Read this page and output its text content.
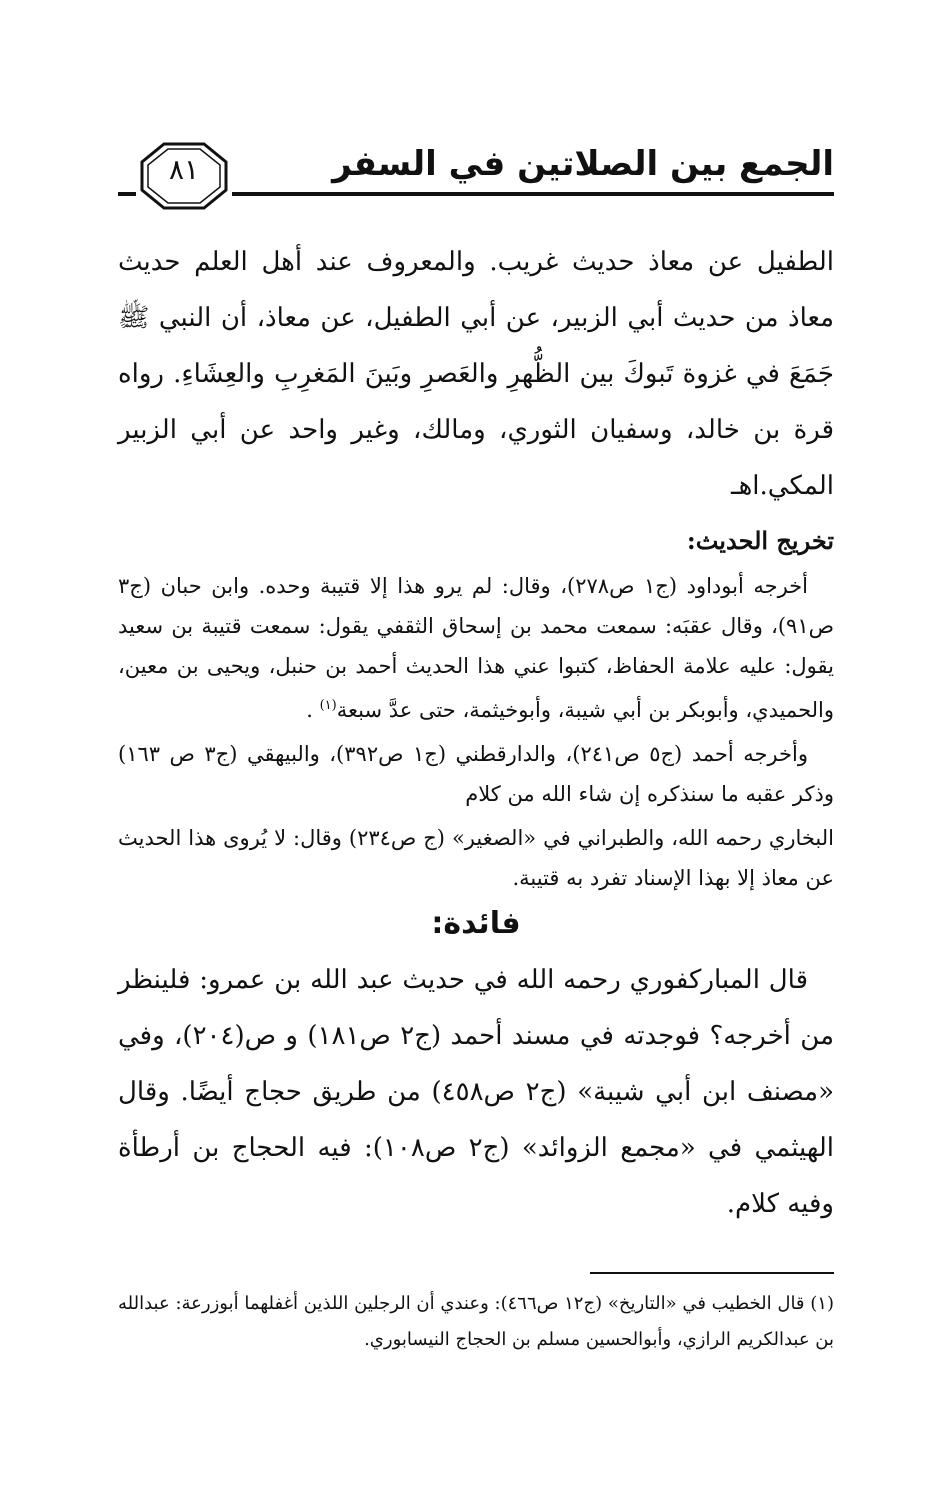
الجمع بين الصلاتين في السفر
٨١

الطفيل عن معاذ حديث غريب. والمعروف عند أهل العلم حديث معاذ من حديث أبي الزبير، عن أبي الطفيل، عن معاذ، أن النبي ﷺ جَمَعَ في غزوة تَبوكَ بين الظُّهرِ والعَصرِ وبَينَ المَغرِبِ والعِشَاءِ. رواه قرة بن خالد، وسفيان الثوري، ومالك، وغير واحد عن أبي الزبير المكي.اهـ

تخريج الحديث:

أخرجه أبوداود (ج١ ص٢٧٨)، وقال: لم يرو هذا إلا قتيبة وحده. وابن حبان (ج٣ ص٩١)، وقال عقبَه: سمعت محمد بن إسحاق الثقفي يقول: سمعت قتيبة بن سعيد يقول: عليه علامة الحفاظ، كتبوا عني هذا الحديث أحمد بن حنبل، ويحيى بن معين، والحميدي، وأبوبكر بن أبي شيبة، وأبوخيثمة، حتى عدَّ سبعة$^{(١)}$ .

وأخرجه أحمد (ج٥ ص٢٤١)، والدارقطني (ج١ ص٣٩٢)، والبيهقي (ج٣ ص ١٦٣) وذكر عقبه ما سنذكره إن شاء الله من كلام

البخاري رحمه الله، والطبراني في «الصغير» (ج ص٢٣٤) وقال: لا يُروى هذا الحديث عن معاذ إلا بهذا الإسناد تفرد به قتيبة.

فائدة:

قال المباركفوري رحمه الله في حديث عبد الله بن عمرو: فلينظر من أخرجه؟ فوجدته في مسند أحمد (ج٢ ص١٨١) و ص(٢٠٤)، وفي «مصنف ابن أبي شيبة» (ج٢ ص٤٥٨) من طريق حجاج أيضًا. وقال الهيثمي في «مجمع الزوائد» (ج٢ ص١٠٨): فيه الحجاج بن أرطأة وفيه كلام.

(١) قال الخطيب في «التاريخ» (ج١٢ ص٤٦٦): وعندي أن الرجلين اللذين أغفلهما أبوزرعة: عبدالله بن عبدالكريم الرازي، وأبوالحسين مسلم بن الحجاج النيسابوري.
